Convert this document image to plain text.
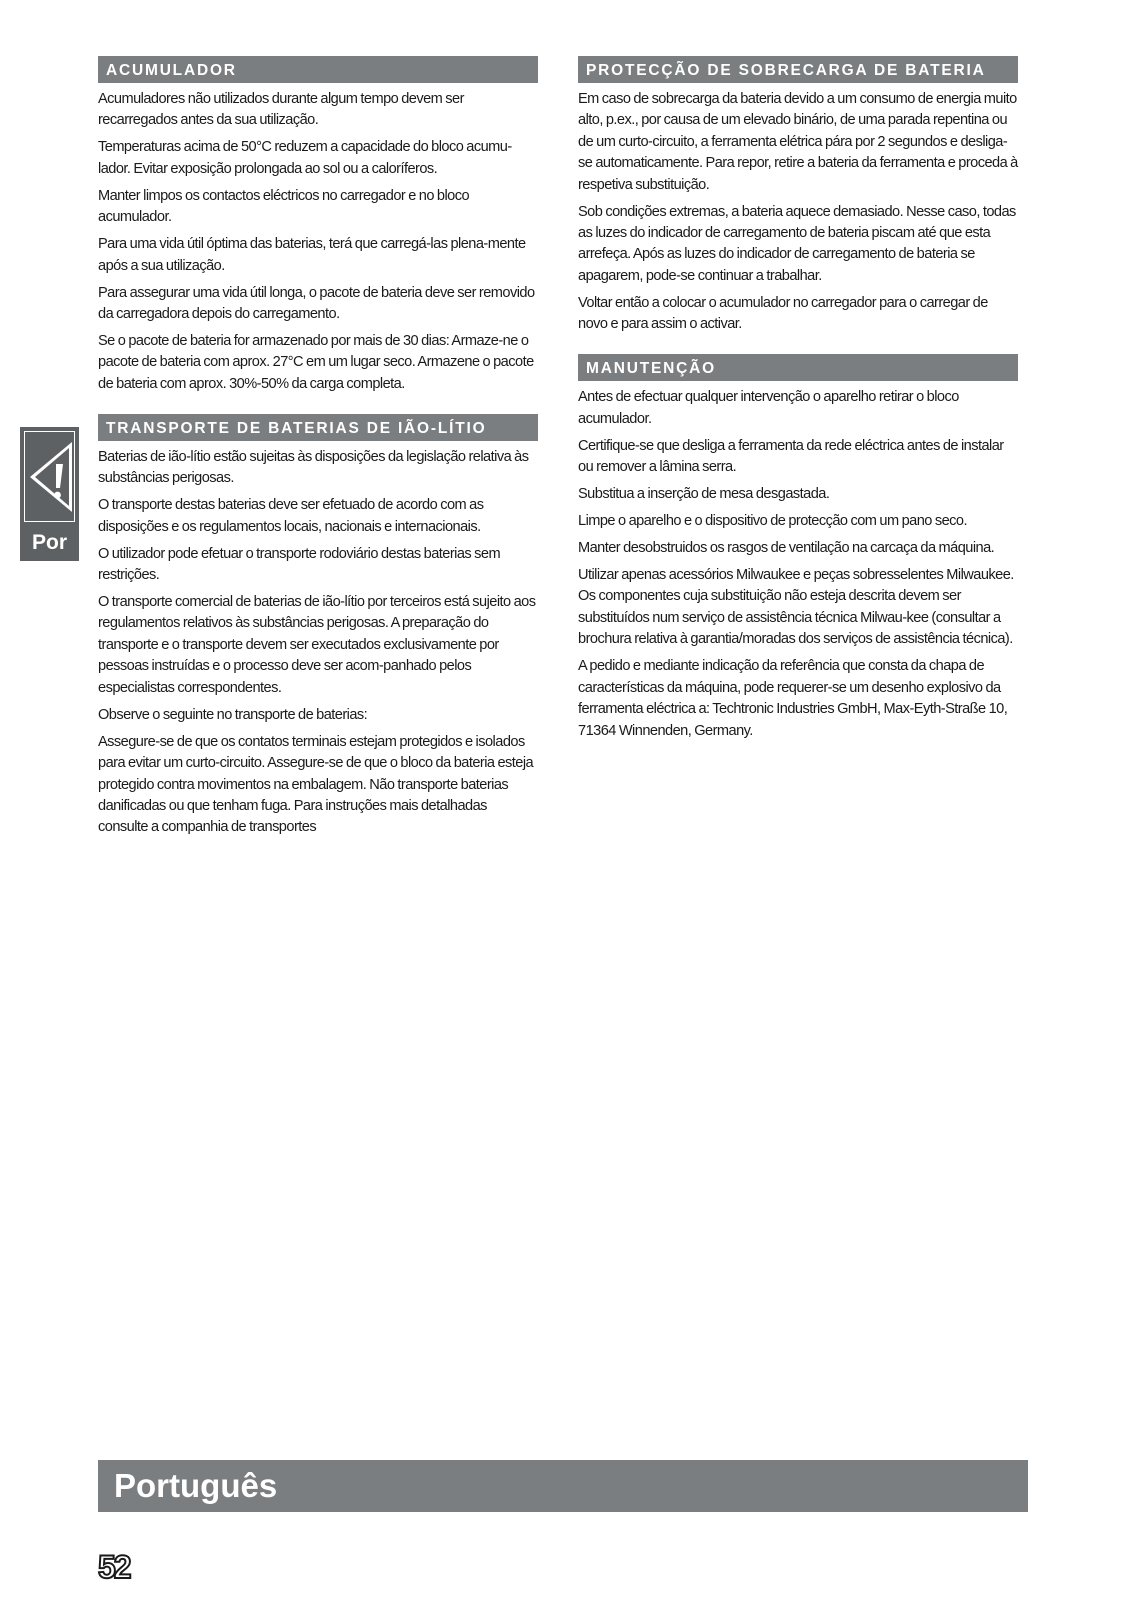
ACUMULADOR

Acumuladores não utilizados durante algum tempo devem ser recarregados antes da sua utilização.

Temperaturas acima de 50°C reduzem a capacidade do bloco acumu-lador. Evitar exposição prolongada ao sol ou a caloríferos.

Manter limpos os contactos eléctricos no carregador e no bloco acumulador.

Para uma vida útil óptima das baterias, terá que carregá-las plena-mente após a sua utilização.

Para assegurar uma vida útil longa, o pacote de bateria deve ser removido da carregadora depois do carregamento.

Se o pacote de bateria for armazenado por mais de 30 dias: Armaze-ne o pacote de bateria com aprox. 27°C em um lugar seco. Armazene o pacote de bateria com aprox. 30%-50% da carga completa.

TRANSPORTE DE BATERIAS DE IÃO-LÍTIO

Baterias de ião-lítio estão sujeitas às disposições da legislação relativa às substâncias perigosas.

O transporte destas baterias deve ser efetuado de acordo com as disposições e os regulamentos locais, nacionais e internacionais.

O utilizador pode efetuar o transporte rodoviário destas baterias sem restrições.

O transporte comercial de baterias de ião-lítio por terceiros está sujeito aos regulamentos relativos às substâncias perigosas. A preparação do transporte e o transporte devem ser executados exclusivamente por pessoas instruídas e o processo deve ser acom-panhado pelos especialistas correspondentes.

Observe o seguinte no transporte de baterias:

Assegure-se de que os contatos terminais estejam protegidos e isolados para evitar um curto-circuito. Assegure-se de que o bloco da bateria esteja protegido contra movimentos na embalagem. Não transporte baterias danificadas ou que tenham fuga. Para instruções mais detalhadas consulte a companhia de transportes

PROTECÇÃO DE SOBRECARGA DE BATERIA

Em caso de sobrecarga da bateria devido a um consumo de energia muito alto, p.ex., por causa de um elevado binário, de uma parada repentina ou de um curto-circuito, a ferramenta elétrica pára por 2 segundos e desliga-se automaticamente. Para repor, retire a bateria da ferramenta e proceda à respetiva substituição.

Sob condições extremas, a bateria aquece demasiado. Nesse caso, todas as luzes do indicador de carregamento de bateria piscam até que esta arrefeça. Após as luzes do indicador de carregamento de bateria se apagarem, pode-se continuar a trabalhar.

Voltar então a colocar o acumulador no carregador para o carregar de novo e para assim o activar.

MANUTENÇÃO

Antes de efectuar qualquer intervenção o aparelho retirar o bloco acumulador.

Certifique-se que desliga a ferramenta da rede eléctrica antes de instalar ou remover a lâmina serra.

Substitua a inserção de mesa desgastada.

Limpe o aparelho e o dispositivo de protecção com um pano seco.

Manter desobstruidos os rasgos de ventilação na carcaça da máquina.

Utilizar apenas acessórios Milwaukee e peças sobresselentes Milwaukee. Os componentes cuja substituição não esteja descrita devem ser substituídos num serviço de assistência técnica Milwau-kee (consultar a brochura relativa à garantia/moradas dos serviços de assistência técnica).

A pedido e mediante indicação da referência que consta da chapa de características da máquina, pode requerer-se um desenho explosivo da ferramenta eléctrica a: Techtronic Industries GmbH, Max-Eyth-Straße 10, 71364 Winnenden, Germany.

Por
Português
52
